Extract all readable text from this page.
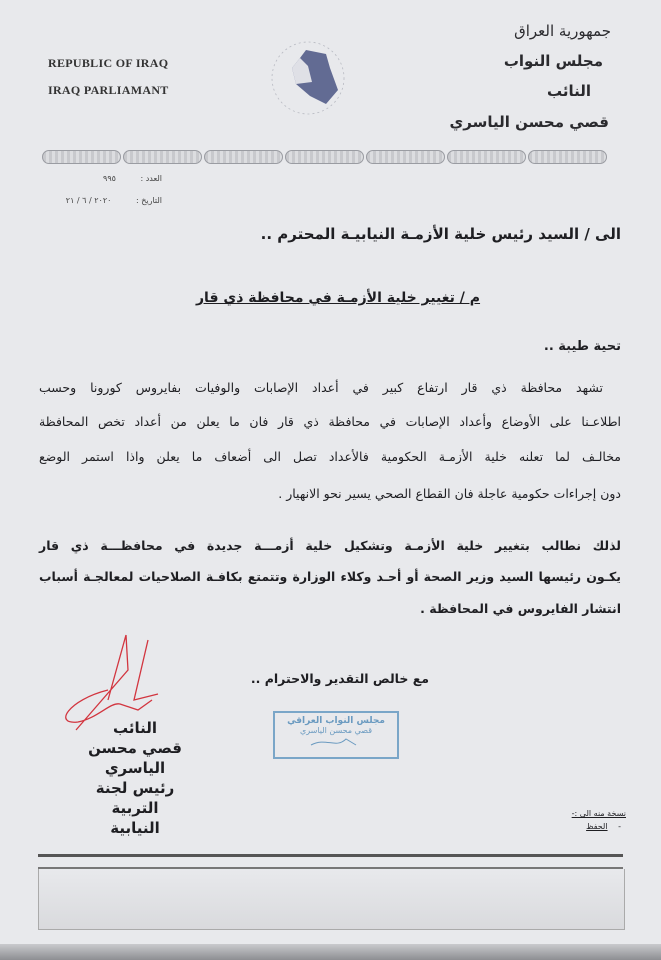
REPUBLIC OF IRAQ
IRAQ PARLIAMANT
جمهورية العراق
مجلس النواب
النائب
قصي محسن الياسري
العدد : ٩٩٥
التاريخ : ٢٠٢٠ / ٦ / ٢١
الى / السيد رئيس خلية الأزمـة النيابيـة المحترم ..
م / تغيير خلية الأزمـة في محافظة ذي قار
تحية طيبة ..
تشهد محافظة ذي قار ارتفاع كبير في أعداد الإصابات والوفيات بفايروس كورونا وحسب
اطلاعـنا على الأوضاع وأعداد الإصابات في محافظة ذي قار فان ما يعلن من أعداد تخص المحافظة
مخالـف لما تعلنه خلية الأزمـة الحكومية فالأعداد تصل الى أضعاف ما يعلن واذا استمر الوضع
دون إجراءات حكومية عاجلة فان القطاع الصحي يسير نحو الانهيار .
لذلك نطالب بتغيير خلية الأزمـة وتشكيل خلية أزمـــة جديدة في محافظـــة ذي قار
يكـون رئيسها السيد وزير الصحة أو أحـد وكلاء الوزارة وتتمتع بكافـة الصلاحيات لمعالجـة أسباب
انتشار الفايروس في المحافظة .
مع خالص التقدير والاحترام ..
النائب
قصي محسن الياسري
رئيس لجنة التربية
النيابية
مجلس النواب العراقي
قصي محسن الياسري
نسخة منه الى :-
- الحفظ
